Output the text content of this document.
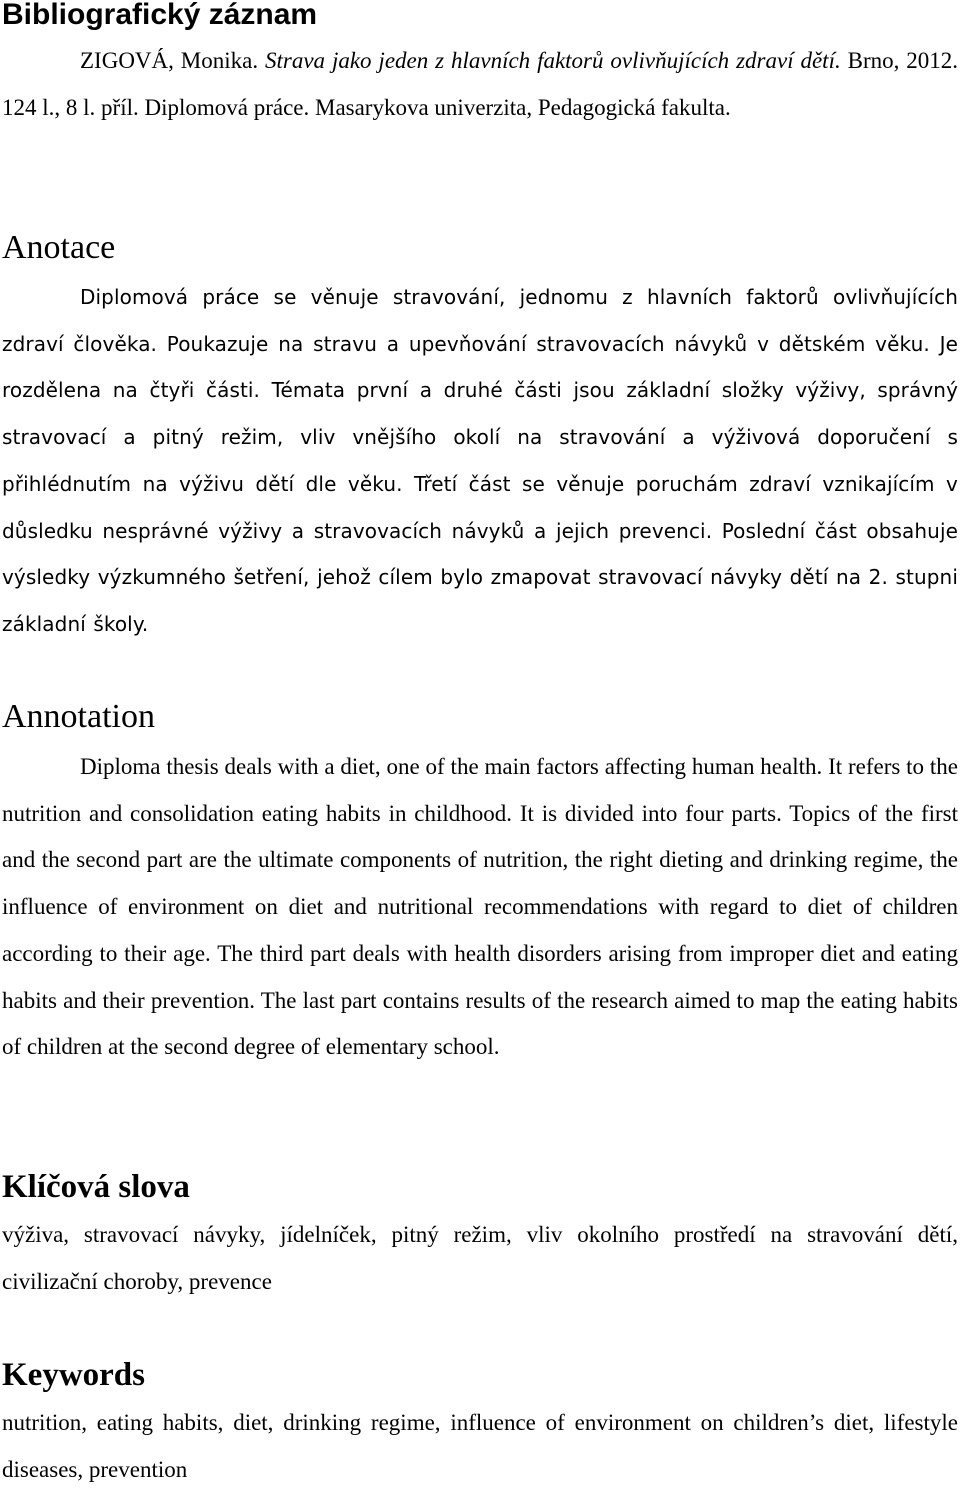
Bibliografický záznam

ZIGOVÁ, Monika. Strava jako jeden z hlavních faktorů ovlivňujících zdraví dětí. Brno, 2012. 124 l., 8 l. příl. Diplomová práce. Masarykova univerzita, Pedagogická fakulta.

Anotace

Diplomová práce se věnuje stravování, jednomu z hlavních faktorů ovlivňujících zdraví člověka. Poukazuje na stravu a upevňování stravovacích návyků v dětském věku. Je rozdělena na čtyři části. Témata první a druhé části jsou základní složky výživy, správný stravovací a pitný režim, vliv vnějšího okolí na stravování a výživová doporučení s přihlédnutím na výživu dětí dle věku. Třetí část se věnuje poruchám zdraví vznikajícím v důsledku nesprávné výživy a stravovacích návyků a jejich prevenci. Poslední část obsahuje výsledky výzkumného šetření, jehož cílem bylo zmapovat stravovací návyky dětí na 2. stupni základní školy.

Annotation

Diploma thesis deals with a diet, one of the main factors affecting human health. It refers to the nutrition and consolidation eating habits in childhood. It is divided into four parts. Topics of the first and the second part are the ultimate components of nutrition, the right dieting and drinking regime, the influence of environment on diet and nutritional recommendations with regard to diet of children according to their age. The third part deals with health disorders arising from improper diet and eating habits and their prevention. The last part contains results of the research aimed to map the eating habits of children at the second degree of elementary school.

Klíčová slova

výživa, stravovací návyky, jídelníček, pitný režim, vliv okolního prostředí na stravování dětí, civilizační choroby, prevence

Keywords

nutrition, eating habits, diet, drinking regime, influence of environment on children’s diet, lifestyle diseases, prevention
